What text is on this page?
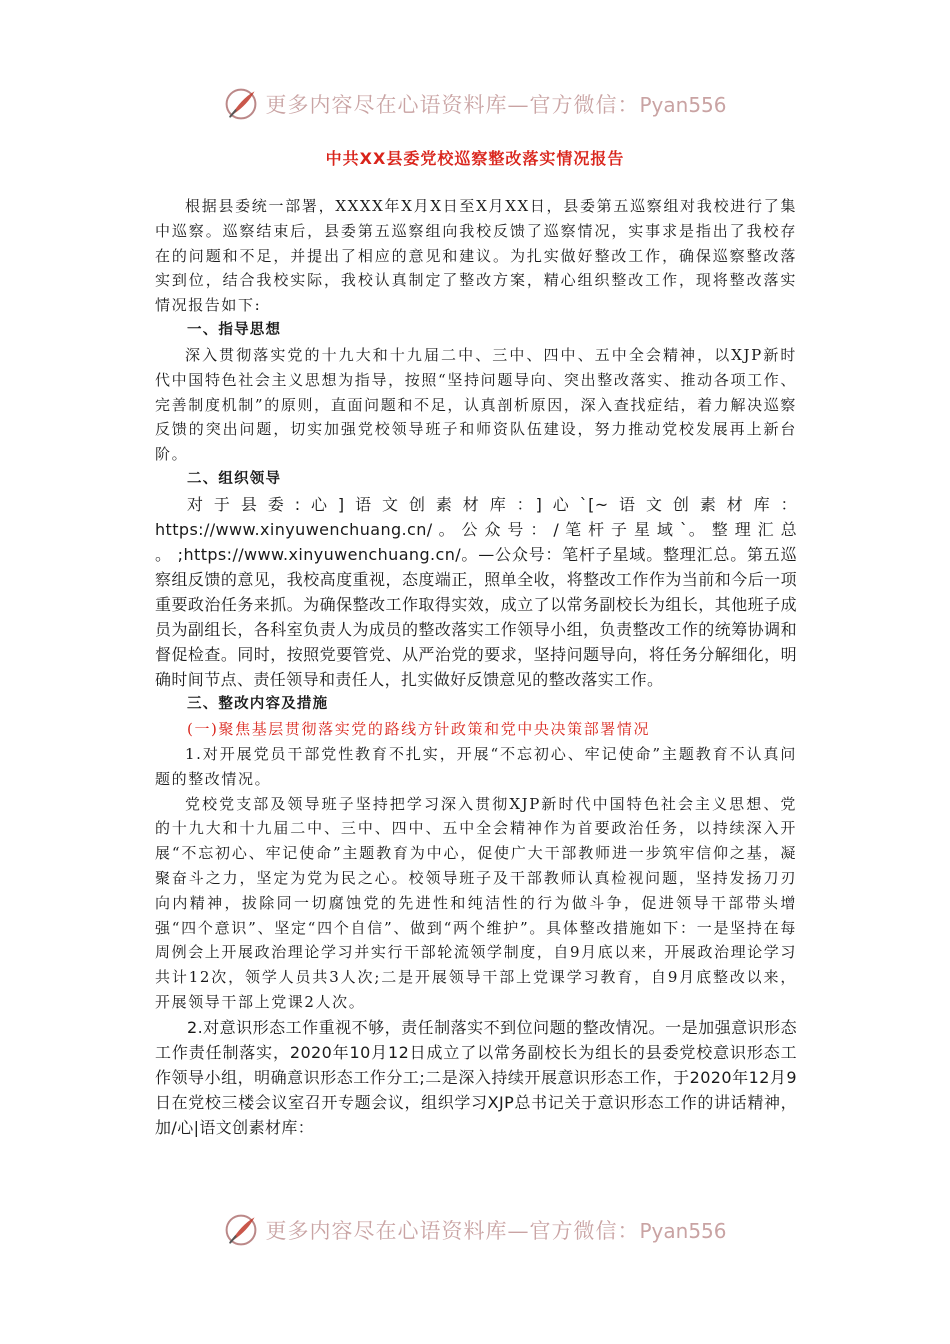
更多内容尽在心语资料库—官方微信：Pyan556
中共XX县委党校巡察整改落实情况报告

根据县委统一部署，XXXX年X月X日至X月XX日，县委第五巡察组对我校进行了集中巡察。巡察结束后，县委第五巡察组向我校反馈了巡察情况，实事求是指出了我校存在的问题和不足，并提出了相应的意见和建议。为扎实做好整改工作，确保巡察整改落实到位，结合我校实际，我校认真制定了整改方案，精心组织整改工作，现将整改落实情况报告如下:

一、指导思想

深入贯彻落实党的十九大和十九届二中、三中、四中、五中全会精神，以XJP新时代中国特色社会主义思想为指导，按照“坚持问题导向、突出整改落实、推动各项工作、完善制度机制”的原则，直面问题和不足，认真剖析原因，深入查找症结，着力解决巡察反馈的突出问题，切实加强党校领导班子和师资队伍建设，努力推动党校发展再上新台阶。

二、组织领导

对于县委:心]语文创素材库：]心`[~语文创素材库：https://www.xinyuwenchuang.cn/ 。 公 众 号 ： / 笔 杆 子 星 域 `。 整 理 汇 总 。 ;https://www.xinyuwenchuang.cn/。—公众号：笔杆子星域。整理汇总。第五巡察组反馈的意见，我校高度重视，态度端正，照单全收，将整改工作作为当前和今后一项重要政治任务来抓。为确保整改工作取得实效，成立了以常务副校长为组长，其他班子成员为副组长，各科室负责人为成员的整改落实工作领导小组，负责整改工作的统筹协调和督促检查。同时，按照党要管党、从严治党的要求，坚持问题导向，将任务分解细化，明确时间节点、责任领导和责任人，扎实做好反馈意见的整改落实工作。

三、整改内容及措施

(一)聚焦基层贯彻落实党的路线方针政策和党中央决策部署情况

1.对开展党员干部党性教育不扎实，开展“不忘初心、牢记使命”主题教育不认真问题的整改情况。

党校党支部及领导班子坚持把学习深入贯彻XJP新时代中国特色社会主义思想、党的十九大和十九届二中、三中、四中、五中全会精神作为首要政治任务，以持续深入开展“不忘初心、牢记使命”主题教育为中心，促使广大干部教师进一步筑牢信仰之基，凝聚奋斗之力，坚定为党为民之心。校领导班子及干部教师认真检视问题，坚持发扬刀刃向内精神，拔除同一切腐蚀党的先进性和纯洁性的行为做斗争，促进领导干部带头增强“四个意识”、坚定“四个自信”、做到“两个维护”。具体整改措施如下：一是坚持在每周例会上开展政治理论学习并实行干部轮流领学制度，自9月底以来，开展政治理论学习共计12次，领学人员共3人次;二是开展领导干部上党课学习教育，自9月底整改以来，开展领导干部上党课2人次。

2.对意识形态工作重视不够，责任制落实不到位问题的整改情况。一是加强意识形态工作责任制落实，2020年10月12日成立了以常务副校长为组长的县委党校意识形态工作领导小组，明确意识形态工作分工;二是深入持续开展意识形态工作，于2020年12月9日在党校三楼会议室召开专题会议，组织学习XJP总书记关于意识形态工作的讲话精神，加/心|语文创素材库：

更多内容尽在心语资料库—官方微信：Pyan556
